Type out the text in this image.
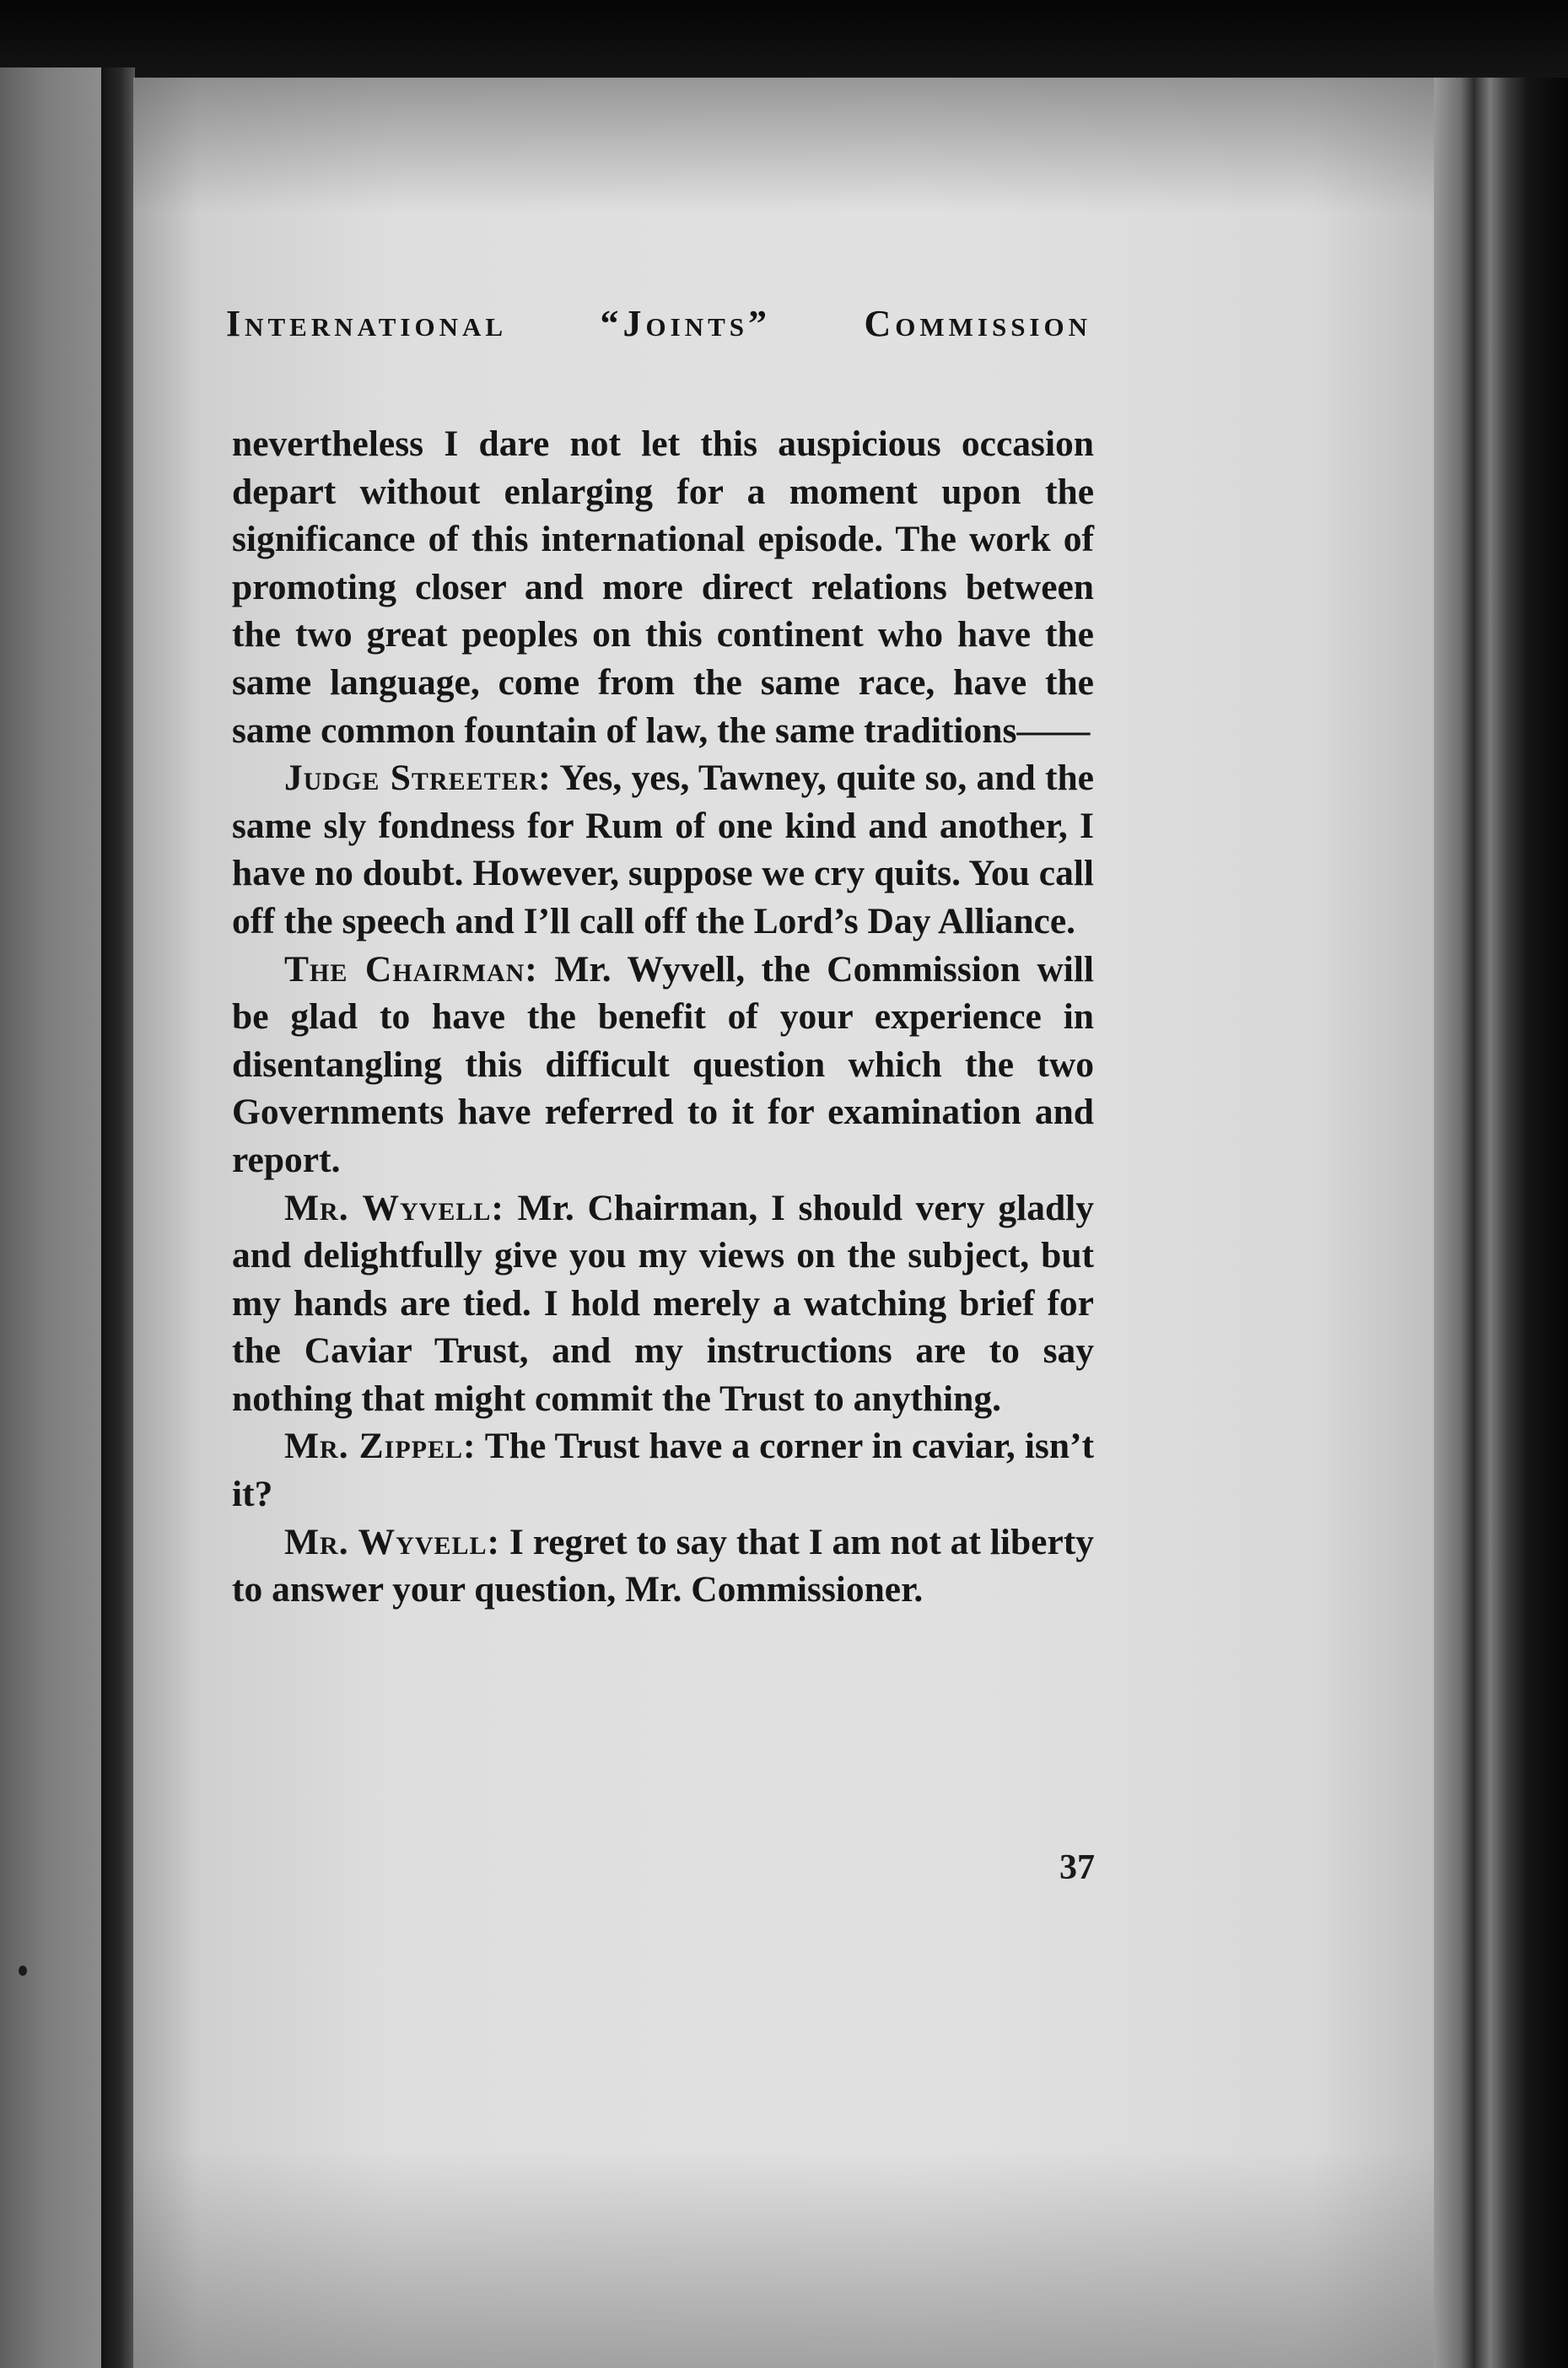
International “Joints” Commission

nevertheless I dare not let this auspicious occasion depart without enlarging for a moment upon the significance of this international episode. The work of promoting closer and more direct relations between the two great peoples on this continent who have the same language, come from the same race, have the same common fountain of law, the same traditions——

Judge Streeter: Yes, yes, Tawney, quite so, and the same sly fondness for Rum of one kind and another, I have no doubt. However, suppose we cry quits. You call off the speech and I’ll call off the Lord’s Day Alliance.

The Chairman: Mr. Wyvell, the Commission will be glad to have the benefit of your experience in disentangling this difficult question which the two Governments have referred to it for examination and report.

Mr. Wyvell: Mr. Chairman, I should very gladly and delightfully give you my views on the subject, but my hands are tied. I hold merely a watching brief for the Caviar Trust, and my instructions are to say nothing that might commit the Trust to anything.

Mr. Zippel: The Trust have a corner in caviar, isn’t it?

Mr. Wyvell: I regret to say that I am not at liberty to answer your question, Mr. Commissioner.

37
